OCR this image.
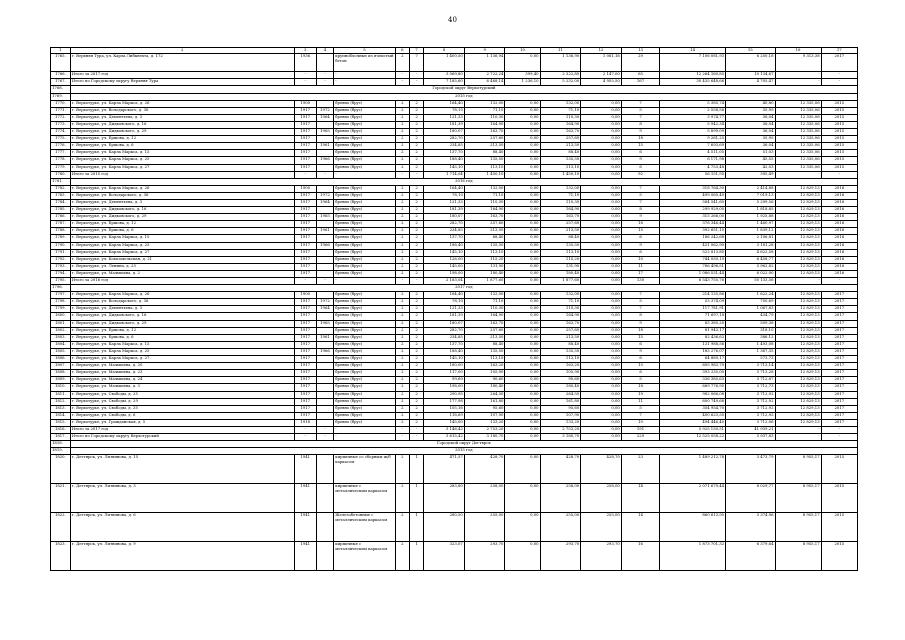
40
1	2	3	4	5	6	7	8	9	10	11	12	13	14	15	16	17
1765.	г. Верхняя Тура, ул. Карла Либкнехта, д. 172	1936		крупноблочные из ячеистый бетон	2	7	1 400,50	1 136,94	0,00	1 136,90	1 061,16	29	7 106 081,93	6 250,18	9 313,38	2017
1766.	Итого за 2017 год	-	-	-	-	-	3 069,80	2 722,24	399,40	2 322,80	2 147,00	65	12 264 160,85	10 134,67	-	-
1767.	Итого по Городскому округу Верхняя Тура	-	-	-	-	-	7 185,60	6 468,14	1 236,10	5 232,00	4 955,50	167	30 435 648,66	4 705,47	-	-
1768.	Городской округ Верхотурский															
1769.	2015 год															
1770.	г. Верхотурье, ул. Карла Маркса, д. 26	1900		бревно (брус)	2	2	164,40	132,00	0,00	132,00	0,00	7	5 385,74	40,80	12 335,06	2015
1771.	г. Верхотурье, ул. Володарского, д. 36	1917	1972	бревно (брус)	2	2	78,10	71,10	0,00	71,10	0,00	5	2 558,56	35,99	12 335,06	2015
1772.	г. Верхотурье, ул. Дементьева, д. 3	1917	1964	бревно (брус)	2	2	121,33	110,30	0,00	110,30	0,00	7	3 974,77	36,04	12 335,06	2015
1773.	г. Верхотурье, ул. Дидковского, д. 16	1917		бревно (брус)	2	2	181,39	164,90	0,00	164,90	0,00	8	5 942,34	36,04	12 335,06	2015
1774.	г. Верхотурье, ул. Дидковского, д. 29	1917	1965	бревно (брус)	2	2	180,07	163,70	0,00	163,70	0,00	9	5 899,09	36,04	12 335,06	2015
1775.	г. Верхотурье, ул. Ершова, д. 12	1917		бревно (брус)	2	2	282,70	257,60	0,00	257,60	0,00	18	9 261,25	35,95	12 335,06	2015
1776.	г. Верхотурье, ул. Ершова, д. 6	1917	1961	бревно (брус)	2	2	234,85	213,50	0,00	213,50	0,00	15	7 693,69	36,04	12 335,06	2015
1777.	г. Верхотурье, ул. Карла Маркса, д. 15	1917		бревно (брус)	2	2	137,70	88,40	0,00	88,40	0,00	6	4 511,05	51,03	12 335,06	2015
1778.	г. Верхотурье, ул. Карла Маркса, д. 25	1917	1966	бревно (брус)	2	2	188,40	135,50	0,00	135,50	0,00	9	6 171,98	45,55	12 335,06	2015
1779.	г. Верхотурье, ул. Карла Маркса, д. 27	1917		бревно (брус)	2	2	145,10	113,10	0,00	113,10	0,00	6	4 753,48	42,03	12 335,06	2015
1780.	Итого за 2015 год	-	-	-	-	-	1 714,04	1 450,10	0,00	1 450,10	0,00	92	56 151,95	395,49	-	-
1781.	2016 год															
1782.	г. Верхотурье, ул. Карла Маркса, д. 26	1900		бревно (брус)	2	2	164,40	132,00	0,00	132,00	0,00	7	318 764,30	2 414,88	12 829,13	2016
1783.	г. Верхотурье, ул. Володарского, д. 36	1917	1972	бревно (брус)	2	2	78,10	71,10	0,00	71,10	0,00	5	499 060,40	7 019,13	12 829,13	2016
1784.	г. Верхотурье, ул. Дементьева, д. 3	1917	1964	бревно (брус)	2	2	121,33	110,30	0,00	110,30	0,00	7	584 541,60	5 299,56	12 829,13	2016
1785.	г. Верхотурье, ул. Дидковского, д. 16	1917		бревно (брус)	2	2	181,39	164,90	0,00	164,90	0,00	8	299 929,00	1 818,85	12 829,13	2016
1786.	г. Верхотурье, ул. Дидковского, д. 29	1917	1965	бревно (брус)	2	2	180,07	163,70	0,00	163,70	0,00	9	315 266,00	1 925,88	12 829,13	2016
1787.	г. Верхотурье, ул. Ершова, д. 12	1917		бревно (брус)	2	2	282,70	257,60	0,00	257,60	0,00	18	376 346,44	1 460,97	12 829,13	2016
1788.	г. Верхотурье, ул. Ершова, д. 6	1917	1961	бревно (брус)	2	2	234,85	213,50	0,00	213,50	0,00	15	392 651,10	1 839,12	12 829,13	2016
1789.	г. Верхотурье, ул. Карла Маркса, д. 15	1917		бревно (брус)	2	2	137,70	88,40	0,00	88,40	0,00	6	186 242,68	2 106,81	12 829,13	2016
1790.	г. Верхотурье, ул. Карла Маркса, д. 25	1917	1966	бревно (брус)	2	2	188,40	135,50	0,00	135,50	0,00	9	431 062,90	3 181,28	12 829,13	2016
1791.	г. Верхотурье, ул. Карла Маркса, д. 27	1917		бревно (брус)	2	2	145,10	113,10	0,00	113,10	0,00	6	522 813,80	4 622,58	12 829,13	2016
1792.	г. Верхотурье, ул. Комсомольская, д. 21	1917		бревно (брус)	2	2	126,00	115,20	0,00	115,20	0,00	10	744 050,19	6 458,77	12 829,13	2016
1793.	г. Верхотурье, ул. Ленина, д. 25	1917		бревно (брус)	2	2	145,00	131,90	0,00	131,90	0,00	11	786 496,51	5 962,82	12 829,13	2016
1794.	г. Верхотурье, ул. Малышева, д. 2	1917		бревно (брус)	2	2	198,00	180,40	0,00	180,40	0,00	17	1 086 531,44	6 022,90	12 829,13	2016
1795.	Итого за 2016 год	-	-	-	-	-	2 183,04	1 877,60	0,00	1 877,60	0,00	130	6 543 755,76	50 133,56	-	-
1796.	2017 год															
1797.	г. Верхотурье, ул. Карла Маркса, д. 26	1900		бревно (брус)	2	2	164,40	132,00	0,00	132,00	0,00	7	214 135,86	1 622,24	12 829,13	2017
1798.	г. Верхотурье, ул. Володарского, д. 36	1917	1972	бревно (брус)	2	2	78,10	71,10	0,00	71,10	0,00	5	53 374,09	750,69	12 829,13	2017
1799.	г. Верхотурье, ул. Дементьева, д. 3	1917	1964	бревно (брус)	2	2	121,33	110,30	0,00	110,30	0,00	7	117 781,91	1 067,83	12 829,13	2017
1800.	г. Верхотурье, ул. Дидковского, д. 16	1917		бревно (брус)	2	2	181,39	164,90	0,00	164,90	0,00	8	71 697,18	434,79	12 829,13	2017
1801.	г. Верхотурье, ул. Дидковского, д. 29	1917	1965	бревно (брус)	2	2	180,07	163,70	0,00	163,70	0,00	9	83 385,20	509,38	12 829,13	2017
1802.	г. Верхотурье, ул. Ершова, д. 12	1917		бревно (брус)	2	2	282,70	257,60	0,00	257,60	0,00	18	81 943,17	318,10	12 829,13	2017
1803.	г. Верхотурье, ул. Ершова, д. 6	1917	1961	бревно (брус)	2	2	234,85	213,50	0,00	213,50	0,00	15	82 436,62	386,12	12 829,13	2017
1804.	г. Верхотурье, ул. Карла Маркса, д. 15	1917		бревно (брус)	2	2	137,70	88,40	0,00	88,40	0,00	6	131 988,56	1 493,08	12 829,13	2017
1805.	г. Верхотурье, ул. Карла Маркса, д. 25	1917	1966	бревно (брус)	2	2	188,40	135,50	0,00	135,50	0,00	9	185 276,07	1 367,35	12 829,13	2017
1806.	г. Верхотурье, ул. Карла Маркса, д. 27	1917		бревно (брус)	2	2	145,10	113,10	0,00	113,10	0,00	6	64 889,17	573,73	12 829,13	2017
1807.	г. Верхотурье, ул. Малышева, д. 20	1917		бревно (брус)	2	2	180,00	163,20	0,00	163,20	0,00	15	605 983,70	3 713,14	12 829,13	2017
1808.	г. Верхотурье, ул. Малышева, д. 23	1917		бревно (брус)	2	2	117,00	105,90	0,00	105,90	0,00	6	393 235,00	3 713,28	12 829,13	2017
1809.	г. Верхотурье, ул. Малышева, д. 24	1917		бревно (брус)	2	2	99,60	90,60	0,00	90,60	0,00	5	336 385,63	3 712,87	12 829,13	2017
1810.	г. Верхотурье, ул. Малышева, д. 3	1917		бревно (брус)	2	2	198,00	180,40	0,00	180,40	0,00	18	669 776,95	3 712,73	12 829,13	2017
1811.	г. Верхотурье, ул. Свободы, д. 25	1917		бревно (брус)	2	2	290,95	264,50	0,00	264,50	0,00	19	982 066,08	3 712,92	12 829,13	2017
1812.	г. Верхотурье, ул. Свободы, д. 29	1917		бревно (брус)	2	2	177,98	161,80	0,00	161,80	0,00	11	600 749,68	3 712,92	12 829,13	2017
1813.	г. Верхотурье, ул. Свободы, д. 35	1917		бревно (брус)	2	2	105,16	95,60	0,00	95,60	0,00	5	354 954,70	3 712,92	12 829,13	2017
1814.	г. Верхотурье, ул. Свободы, д. 6	1917		бревно (брус)	2	2	118,69	107,90	0,00	107,90	0,00	7	400 623,55	3 712,92	12 829,13	2017
1815.	г. Верхотурье, ул. Гражданская, д. 5	1918		бревно (брус)	2	2	145,00	133,20	0,00	133,20	0,00	10	494 446,40	3 712,06	12 829,13	2017
1816.	Итого за 2017 год	-	-	-	-	-	3 146,42	2 753,20	0,00	2 753,20	0,00	191	5 925 150,51	41 939,21	-	-
1817.	Итого по Городскому округу Верхотурский	-	-	-	-	-	3 615,42	3 180,70	0,00	3 180,70	0,00	229	12 525 058,22	3 937,83	-	-
1818.	Городской округ Дегтярск															
1819.	2015 год															
1820.	г. Дегтярск, ул. Литвинова, д. 15	1941		кирпичные со сборным ж/б каркасом	2	1	471,57	428,70	0,00	428,70	428,70	23	1 489 212,78	3 473,79	8 955,17	2015
1821.	г. Дегтярск, ул. Литвинова, д. 3	1941		кирпичные с металлическим каркасом	2	1	283,80	258,00	0,00	258,00	258,00	14	2 071 679,44	8 029,77	8 955,17	2015
1822.	г. Дегтярск, ул. Литвинова, д. 6	1941		Железобетонные с металлическим каркасом	2	1	280,50	255,00	0,00	255,00	255,00	14	860 613,95	3 374,96	8 955,17	2015
1823.	г. Дегтярск, ул. Литвинова, д. 9	1941		кирпичные с металлическим каркасом	2	1	323,07	293,70	0,00	293,70	293,70	16	1 873 701,32	6 379,64	8 955,17	2015
